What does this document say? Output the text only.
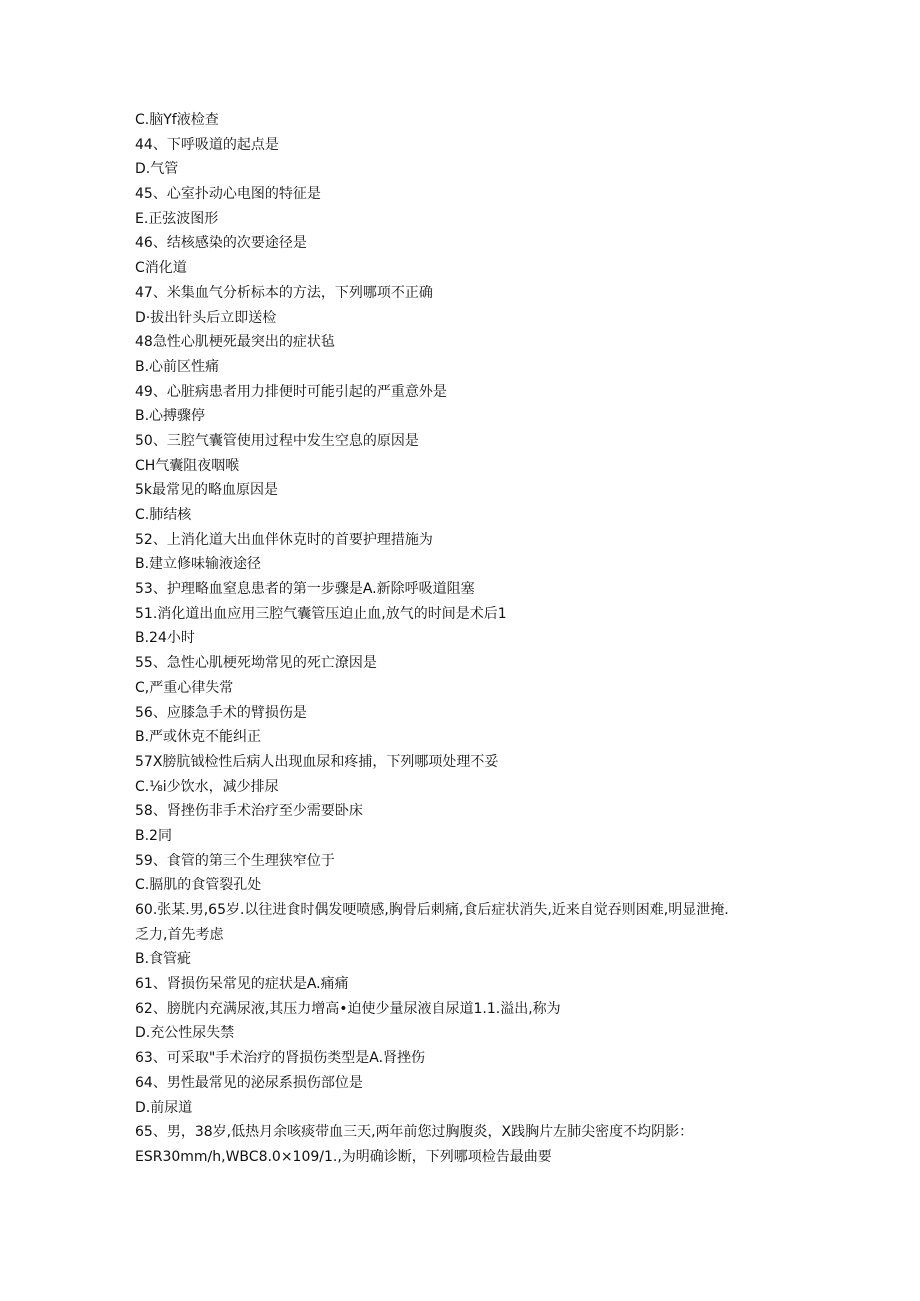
C.脑Yf液检查
44、下呼吸道的起点是
D.气管
45、心室扑动心电图的特征是
E.正弦波图形
46、结核感染的次要途径是
C消化道
47、米集血气分析标本的方法，下列哪项不正确
D·拔出针头后立即送检
48急性心肌梗死最突出的症状毡
B.心前区性痛
49、心脏病患者用力排便时可能引起的严重意外是
B.心搏骤停
50、三腔气囊管使用过程中发生空息的原因是
CH气囊阻夜咽喉
5k最常见的略血原因是
C.肺结核
52、上消化道大出血伴休克时的首要护理措施为
B.建立修味输液途径
53、护理略血窒息患者的第一步骤是A.新除呼吸道阻塞
51.消化道出血应用三腔气囊管压迫止血,放气的时间是术后1
B.24小时
55、急性心肌梗死坳常见的死亡潦因是
C,严重心律失常
56、应膝急手术的臂损伤是
B.严或休克不能纠正
57X膀肮钺检性后病人出现血尿和疼捕，下列哪项处理不妥
C.⅛i少饮水，减少排尿
58、肾挫伤非手术治疗至少需要卧床
B.2同
59、食管的第三个生理狭窄位于
C.膈肌的食管裂孔处
60.张某.男,65岁.以往进食时偶发哽喷感,胸骨后刺痛,食后症状消失,近来自觉吞则困难,明显泄掩.
乏力,首先考虑
B.食管疵
61、肾损伤呆常见的症状是A.痛痛
62、膀胱内充满尿液,其压力增高•迫使少量尿液自尿道1.1.溢出,称为
D.充公性尿失禁
63、可采取"手术治疗的肾损伤类型是A.肾挫伤
64、男性最常见的泌尿系损伤部位是
D.前尿道
65、男，38岁,低热月余咳痰带血三天,两年前您过胸腹炎，X践胸片左肺尖密度不均阴影：
ESR30mm∕h,WBC8.0×109/1.,为明确诊断，下列哪项检告最曲要
